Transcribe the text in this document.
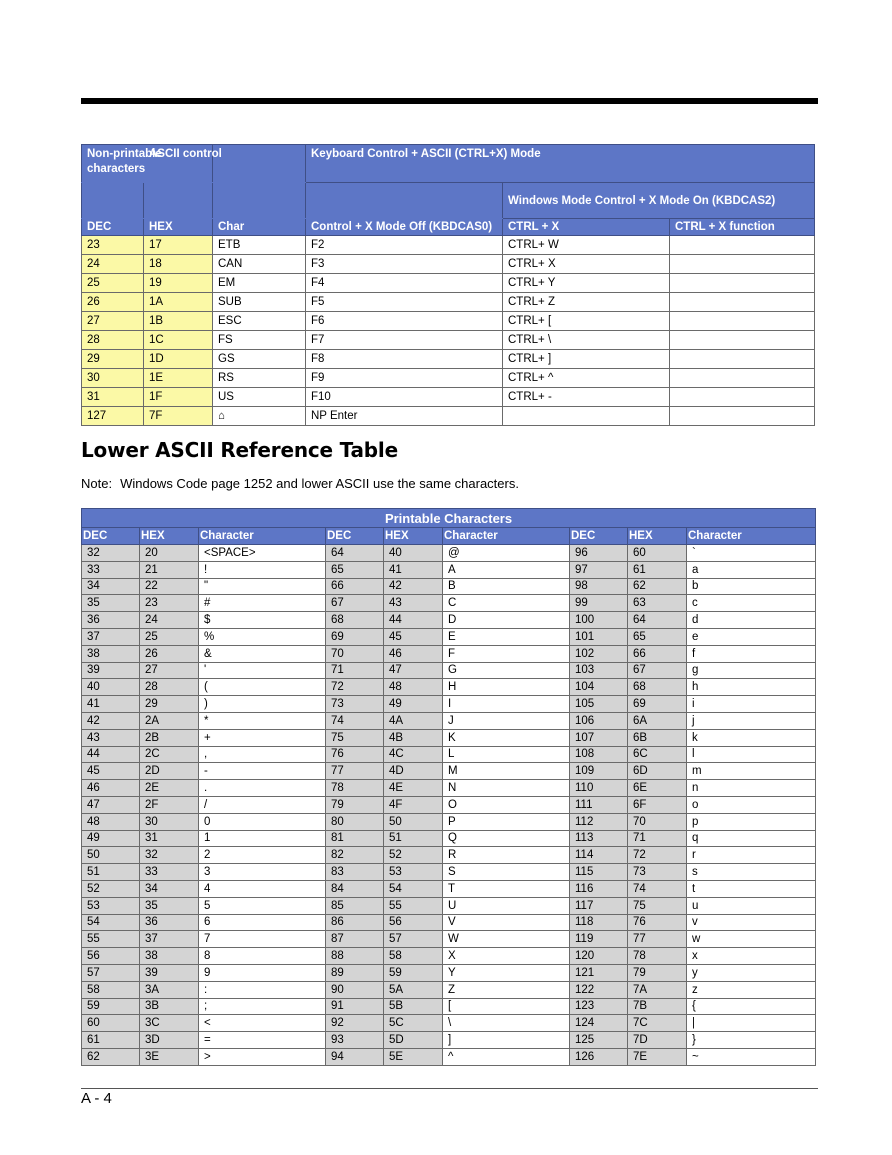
Non-printable characters		ASCII control	Keyboard Control + ASCII (CTRL+X) Mode		
				Windows Mode Control + X Mode On (KBDCAS2)	
DEC	HEX	Char	Control + X Mode Off (KBDCAS0)	CTRL + X	CTRL + X function
23	17	ETB	F2	CTRL+ W	
24	18	CAN	F3	CTRL+ X	
25	19	EM	F4	CTRL+ Y	
26	1A	SUB	F5	CTRL+ Z	
27	1B	ESC	F6	CTRL+ [	
28	1C	FS	F7	CTRL+ \	
29	1D	GS	F8	CTRL+ ]	
30	1E	RS	F9	CTRL+ ^	
31	1F	US	F10	CTRL+ -	
127	7F	⌂	NP Enter		
Lower ASCII Reference Table
Note: Windows Code page 1252 and lower ASCII use the same characters.
Printable Characters								
DEC	HEX	Character	DEC	HEX	Character	DEC	HEX	Character
32	20	<SPACE>	64	40	@	96	60	`
33	21	!	65	41	A	97	61	a
34	22	"	66	42	B	98	62	b
35	23	#	67	43	C	99	63	c
36	24	$	68	44	D	100	64	d
37	25	%	69	45	E	101	65	e
38	26	&	70	46	F	102	66	f
39	27	'	71	47	G	103	67	g
40	28	(	72	48	H	104	68	h
41	29	)	73	49	I	105	69	i
42	2A	*	74	4A	J	106	6A	j
43	2B	+	75	4B	K	107	6B	k
44	2C	,	76	4C	L	108	6C	l
45	2D	-	77	4D	M	109	6D	m
46	2E	.	78	4E	N	110	6E	n
47	2F	/	79	4F	O	111	6F	o
48	30	0	80	50	P	112	70	p
49	31	1	81	51	Q	113	71	q
50	32	2	82	52	R	114	72	r
51	33	3	83	53	S	115	73	s
52	34	4	84	54	T	116	74	t
53	35	5	85	55	U	117	75	u
54	36	6	86	56	V	118	76	v
55	37	7	87	57	W	119	77	w
56	38	8	88	58	X	120	78	x
57	39	9	89	59	Y	121	79	y
58	3A	:	90	5A	Z	122	7A	z
59	3B	;	91	5B	[	123	7B	{
60	3C	<	92	5C	\	124	7C	|
61	3D	=	93	5D	]	125	7D	}
62	3E	>	94	5E	^	126	7E	~
A - 4
